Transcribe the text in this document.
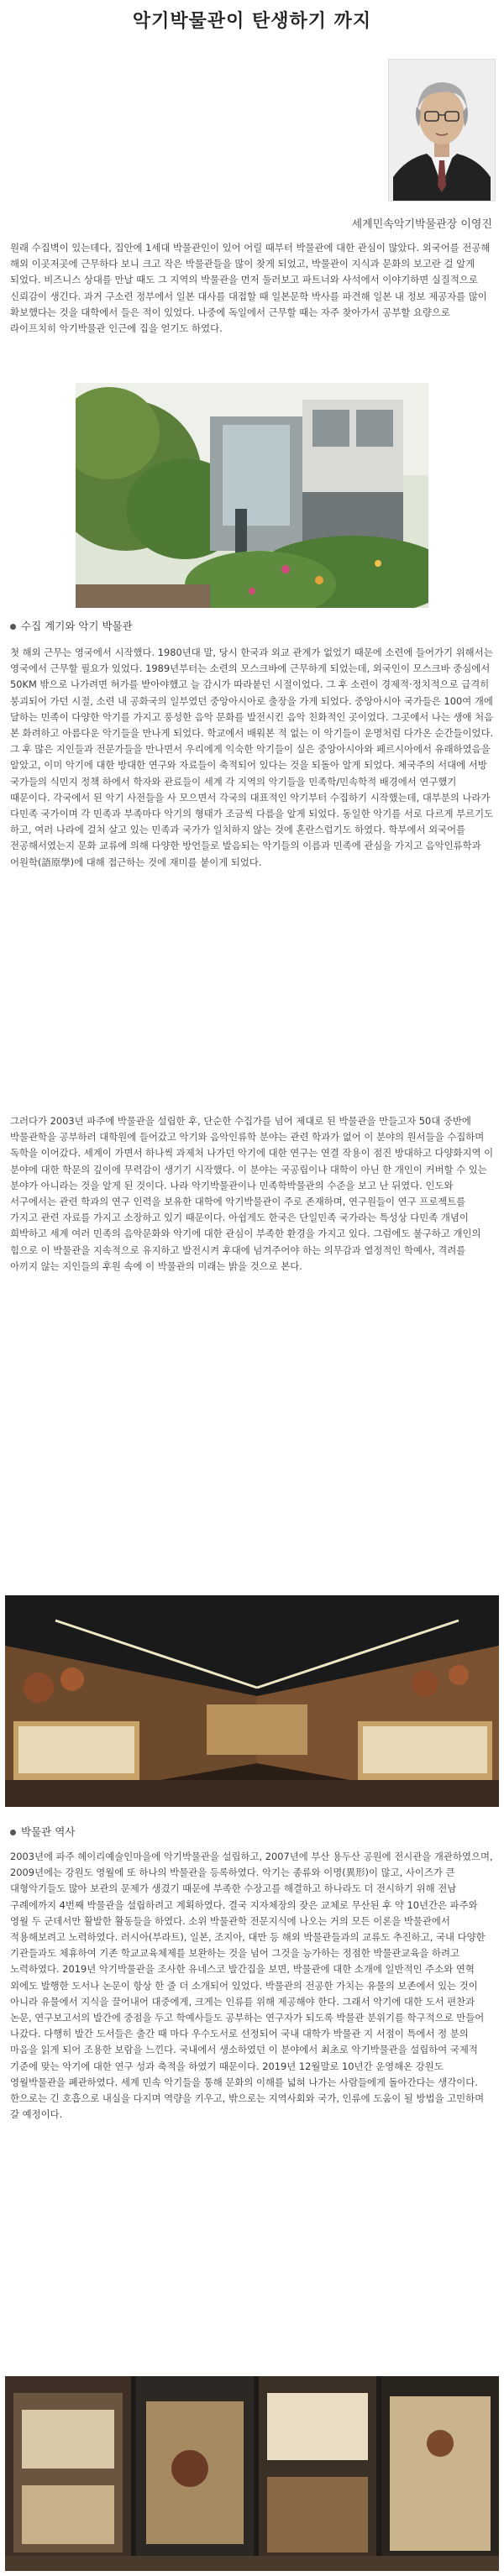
악기박물관이 탄생하기 까지
세계민속악기박물관장 이영진

원래 수집벽이 있는데다, 집안에 1세대 박물관인이 있어 어릴 때부터 박물관에 대한 관심이 많았다. 외국어를 전공해 해외 이곳저곳에 근무하다 보니 크고 작은 박물관들을 많이 찾게 되었고, 박물관이 지식과 문화의 보고란 걸 알게 되었다. 비즈니스 상대를 만날 때도 그 지역의 박물관을 먼저 둘러보고 파트너와 사석에서 이야기하면 실질적으로 신뢰감이 생긴다. 과거 구소련 정부에서 일본 대사를 대접할 때 일본문학 박사를 파견해 일본 내 정보 제공자를 많이 확보했다는 것을 대학에서 들은 적이 있었다. 나중에 독일에서 근무할 때는 자주 찾아가서 공부할 요량으로 라이프치히 악기박물관 인근에 집을 얻기도 하였다.

수집 계기와 악기 박물관

첫 해외 근무는 영국에서 시작했다. 1980년대 말, 당시 한국과 외교 관계가 없었기 때문에 소련에 들어가기 위해서는 영국에서 근무할 필요가 있었다. 1989년부터는 소련의 모스크바에 근무하게 되었는데, 외국인이 모스크바 중심에서 50KM 밖으로 나가려면 허가를 받아야했고 늘 감시가 따라붙던 시절이었다. 그 후 소련이 경제적·정치적으로 급격히 붕괴되어 가던 시절, 소련 내 공화국의 일부였던 중앙아시아로 출장을 가게 되었다. 중앙아시아 국가들은 100여 개에 달하는 민족이 다양한 악기를 가지고 풍성한 음악 문화를 발전시킨 음악 친화적인 곳이었다. 그곳에서 나는 생애 처음 본 화려하고 아름다운 악기들을 만나게 되었다. 학교에서 배워본 적 없는 이 악기들이 운명처럼 다가온 순간들이었다. 그 후 많은 지인들과 전문가들을 만나면서 우리에게 익숙한 악기들이 실은 중앙아시아와 페르시아에서 유래하였음을 알았고, 이미 악기에 대한 방대한 연구와 자료들이 축적되어 있다는 것을 되돌아 알게 되었다. 체국주의 서대에 서방 국가들의 식민지 정책 하에서 학자와 관료들이 세계 각 지역의 악기들을 민족학/민속학적 배경에서 연구했기 때문이다. 각국에서 된 악기 사전들을 사 모으면서 각국의 대표적인 악기부터 수집하기 시작했는데, 대부분의 나라가 다민족 국가이며 각 민족과 부족마다 악기의 형태가 조금씩 다름을 알게 되었다. 동일한 악기를 서로 다르게 부르기도 하고, 여러 나라에 걸쳐 살고 있는 민족과 국가가 일치하지 않는 것에 혼란스럽기도 하였다. 학부에서 외국어를 전공해서였는지 문화 교류에 의해 다양한 방언들로 발음되는 악기들의 이름과 민족에 관심을 가지고 음악인류학과 어원학(語原學)에 대해 접근하는 것에 재미를 붙이게 되었다.

그러다가 2003년 파주에 박물관을 설립한 후, 단순한 수집가를 넘어 제대로 된 박물관을 만들고자 50대 중반에 박물관학을 공부하러 대학원에 들어갔고 악기와 음악인류학 분야는 관련 학과가 없어 이 분야의 원서들을 수집하며 독학을 이어갔다. 세계이 가면서 하나씩 과제처 나가던 악기에 대한 연구는 연결 작용이 점진 방대하고 다양화지역 이 분야에 대한 학문의 깊이에 무력감이 생기기 시작했다. 이 분야는 국공립이나 대학이 아닌 한 개인이 커버할 수 있는 분야가 아니라는 것을 알게 된 것이다. 나라 악기박물관이나 민족학박물관의 수준을 보고 난 뒤였다. 인도와 서구에서는 관련 학과의 연구 인력을 보유한 대학에 악기박물관이 주로 존재하며, 연구원들이 연구 프로젝트를 가지고 관련 자료를 가지고 소장하고 있기 때문이다. 아쉽게도 한국은 단일민족 국가라는 특성상 다민족 개념이 희박하고 세계 여러 민족의 음악문화와 악기에 대한 관심이 부족한 환경을 가지고 있다. 그럼에도 불구하고 개인의 힘으로 이 박물관을 지속적으로 유지하고 발전시켜 후대에 넘겨주어야 하는 의무감과 열정적인 학예사, 격려를 아끼지 않는 지인들의 후원 속에 이 박물관의 미래는 밝을 것으로 본다.

박물관 역사

2003년에 파주 헤이리예술인마을에 악기박물관을 설립하고, 2007년에 부산 용두산 공원에 전시관을 개관하였으며, 2009년에는 강원도 영월에 또 하나의 박물관을 등록하였다. 악기는 종류와 이명(異形)이 많고, 사이즈가 큰 대형악기들도 많아 보관의 문제가 생겼기 때문에 부족한 수장고를 해결하고 하나라도 더 전시하기 위해 전남 구례에까지 4번째 박물관을 설립하려고 계획하였다. 결국 지자체장의 잦은 교체로 무산된 후 약 10년간은 파주와 영월 두 군데서만 활발한 활동들을 하였다. 소위 박물관학 전문지식에 나오는 거의 모든 이론을 박물관에서 적용해보려고 노력하였다. 러시아(부라트), 일본, 조지아, 대만 등 해외 박물관들과의 교류도 추진하고, 국내 다양한 기관들과도 체휴하여 기존 학교교육체제를 보완하는 것을 넘어 그것을 능가하는 정점한 박물관교육을 하려고 노력하였다. 2019년 악기박물관을 조사한 유네스코 발간집을 보면, 박물관에 대한 소개에 일반적인 주소와 연혁 외에도 발행한 도서나 논문이 항상 한 줄 더 소개되어 있었다. 박물관의 전공한 가치는 유물의 보존에서 있는 것이 아니라 유물에서 지식을 끌어내어 대중에게, 크게는 인류를 위해 제공해야 한다. 그래서 악기에 대한 도서 편찬과 논문, 연구보고서의 발간에 중점을 두고 학예사들도 공부하는 연구자가 되도록 박물관 분위기를 학구적으로 만들어 나갔다. 다행히 발간 도서들은 출간 때 마다 우수도서로 선정되어 국내 대학가 박물관 지 서점이 특에서 정 분의 마음을 읽게 되어 조용한 보람을 느낀다. 국내에서 생소하였던 이 분야에서 최초로 악기박물관을 설립하여 국제적 기준에 맞는 악기에 대한 연구 성과 축적을 하였기 때문이다. 2019년 12월말로 10년간 운영해온 강원도 영월박물관을 폐관하였다. 세계 민속 악기들을 통해 문화의 이해를 넓혀 나가는 사람들에게 돌아간다는 생각이다. 한으로는 긴 호흡으로 내실을 다지며 역량을 키우고, 밖으로는 지역사회와 국가, 인류에 도움이 될 방법을 고민하며 갈 예정이다.
